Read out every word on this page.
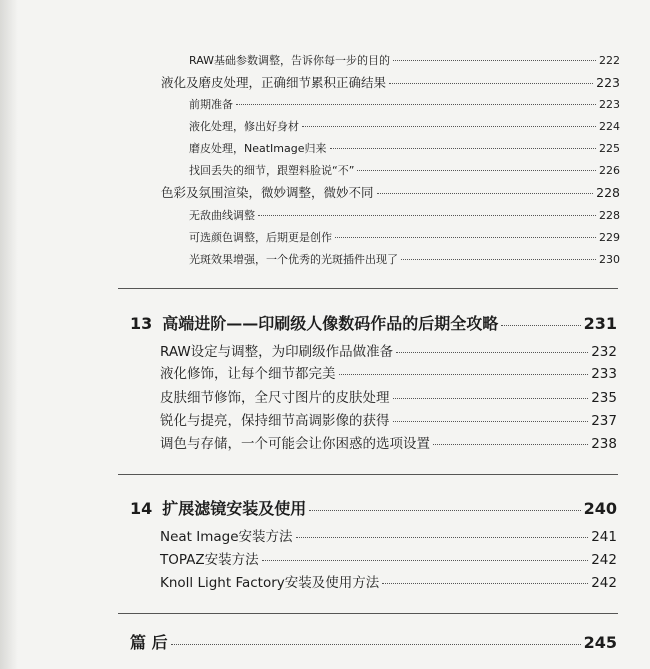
RAW基础参数调整，告诉你每一步的目的	222
液化及磨皮处理，正确细节累积正确结果	223
前期准备	223
液化处理，修出好身材	224
磨皮处理，NeatImage归来	225
找回丢失的细节，跟塑料脸说“不”	226
色彩及氛围渲染，微妙调整，微妙不同	228
无敌曲线调整	228
可选颜色调整，后期更是创作	229
光斑效果增强，一个优秀的光斑插件出现了	230
13 高端进阶——印刷级人像数码作品的后期全攻略	231
RAW设定与调整，为印刷级作品做准备	232
液化修饰，让每个细节都完美	233
皮肤细节修饰，全尺寸图片的皮肤处理	235
锐化与提亮，保持细节高调影像的获得	237
调色与存储，一个可能会让你困惑的选项设置	238
14 扩展滤镜安装及使用	240
Neat Image安装方法	241
TOPAZ安装方法	242
Knoll Light Factory安装及使用方法	242
篇 后	245
